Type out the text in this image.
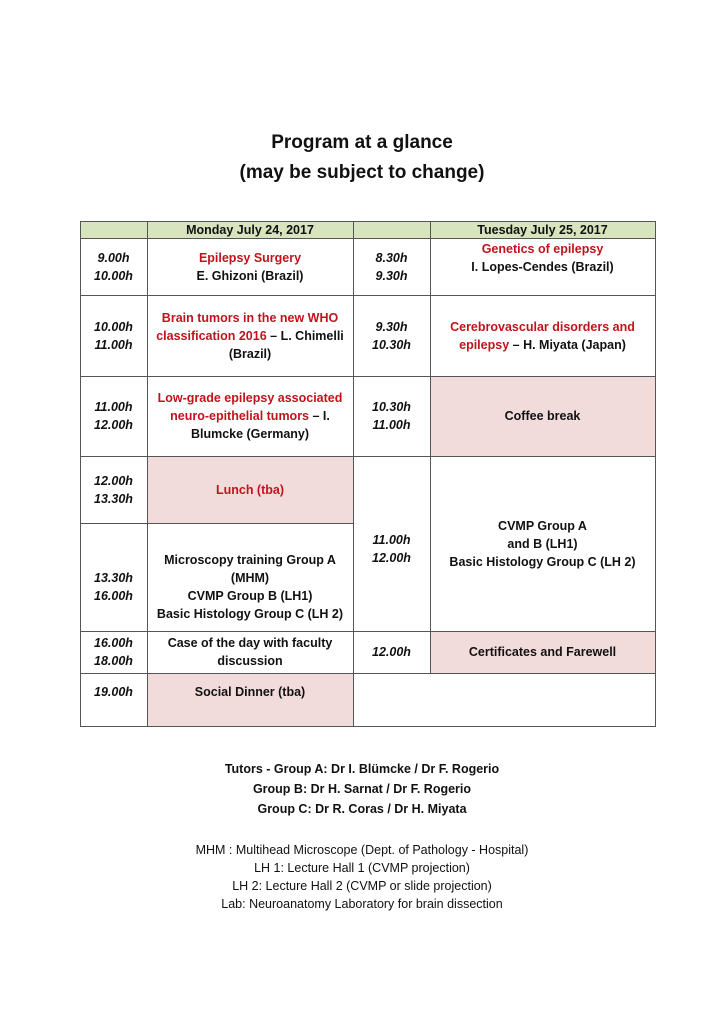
Program at a glance
(may be subject to change)
Monday July 24, 2017	Tuesday July 25, 2017
9.00h
10.00h
10.00h
11.00h
11.00h
12.00h
12.00h
13.30h
13.30h
16.00h
16.00h
18.00h
19.00h
Epilepsy Surgery
E. Ghizoni (Brazil)
Brain tumors in the new WHO
classification 2016 – L. Chimelli
(Brazil)
Low-grade epilepsy associated
neuro-epithelial tumors – I.
Blumcke (Germany)
Lunch (tba)
Microscopy training Group A
(MHM)
CVMP Group B (LH1)
Basic Histology Group C (LH 2)
Case of the day with faculty
discussion
Social Dinner (tba)
8.30h
9.30h
9.30h
10.30h
10.30h
11.00h
11.00h
12.00h
12.00h
Genetics of epilepsy
I. Lopes-Cendes (Brazil)
Cerebrovascular disorders and
epilepsy – H. Miyata (Japan)
Coffee break
CVMP Group A
and B (LH1)
Basic Histology Group C (LH 2)
Certificates and Farewell
Tutors - Group A: Dr I. Blümcke / Dr F. Rogerio
Group B: Dr H. Sarnat / Dr F. Rogerio
Group C: Dr R. Coras / Dr H. Miyata
MHM : Multihead Microscope (Dept. of Pathology - Hospital)
LH 1: Lecture Hall 1 (CVMP projection)
LH 2: Lecture Hall 2 (CVMP or slide projection)
Lab: Neuroanatomy Laboratory for brain dissection
